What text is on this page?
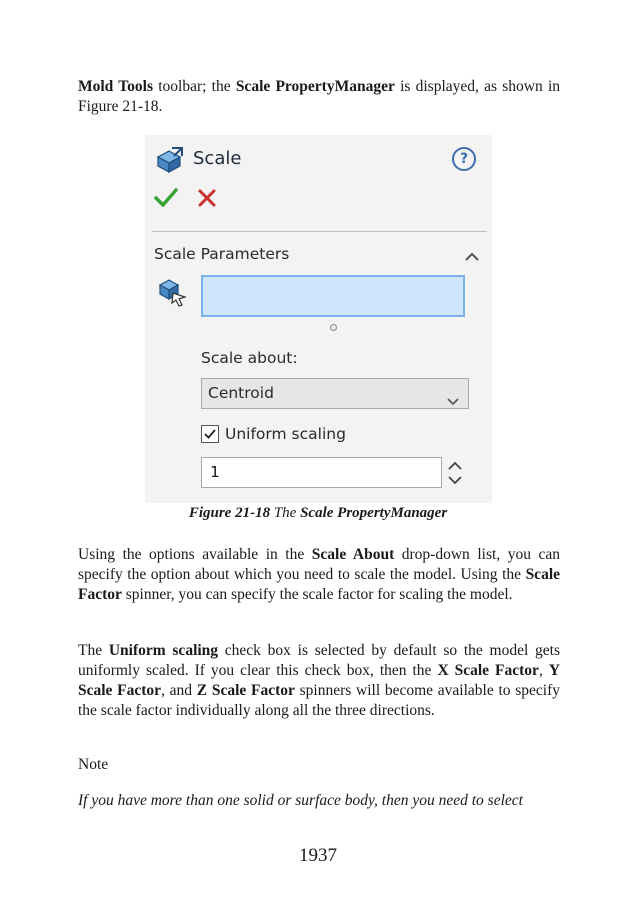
Mold Tools toolbar; the Scale PropertyManager is displayed, as shown in Figure 21-18.

Scale	?
Scale Parameters
Scale about:
Centroid
Uniform scaling
1
Figure 21-18 The Scale PropertyManager

Using the options available in the Scale About drop-down list, you can specify the option about which you need to scale the model. Using the Scale Factor spinner, you can specify the scale factor for scaling the model.

The Uniform scaling check box is selected by default so the model gets uniformly scaled. If you clear this check box, then the X Scale Factor, Y Scale Factor, and Z Scale Factor spinners will become available to specify the scale factor individually along all the three directions.

Note

If you have more than one solid or surface body, then you need to select

1937
